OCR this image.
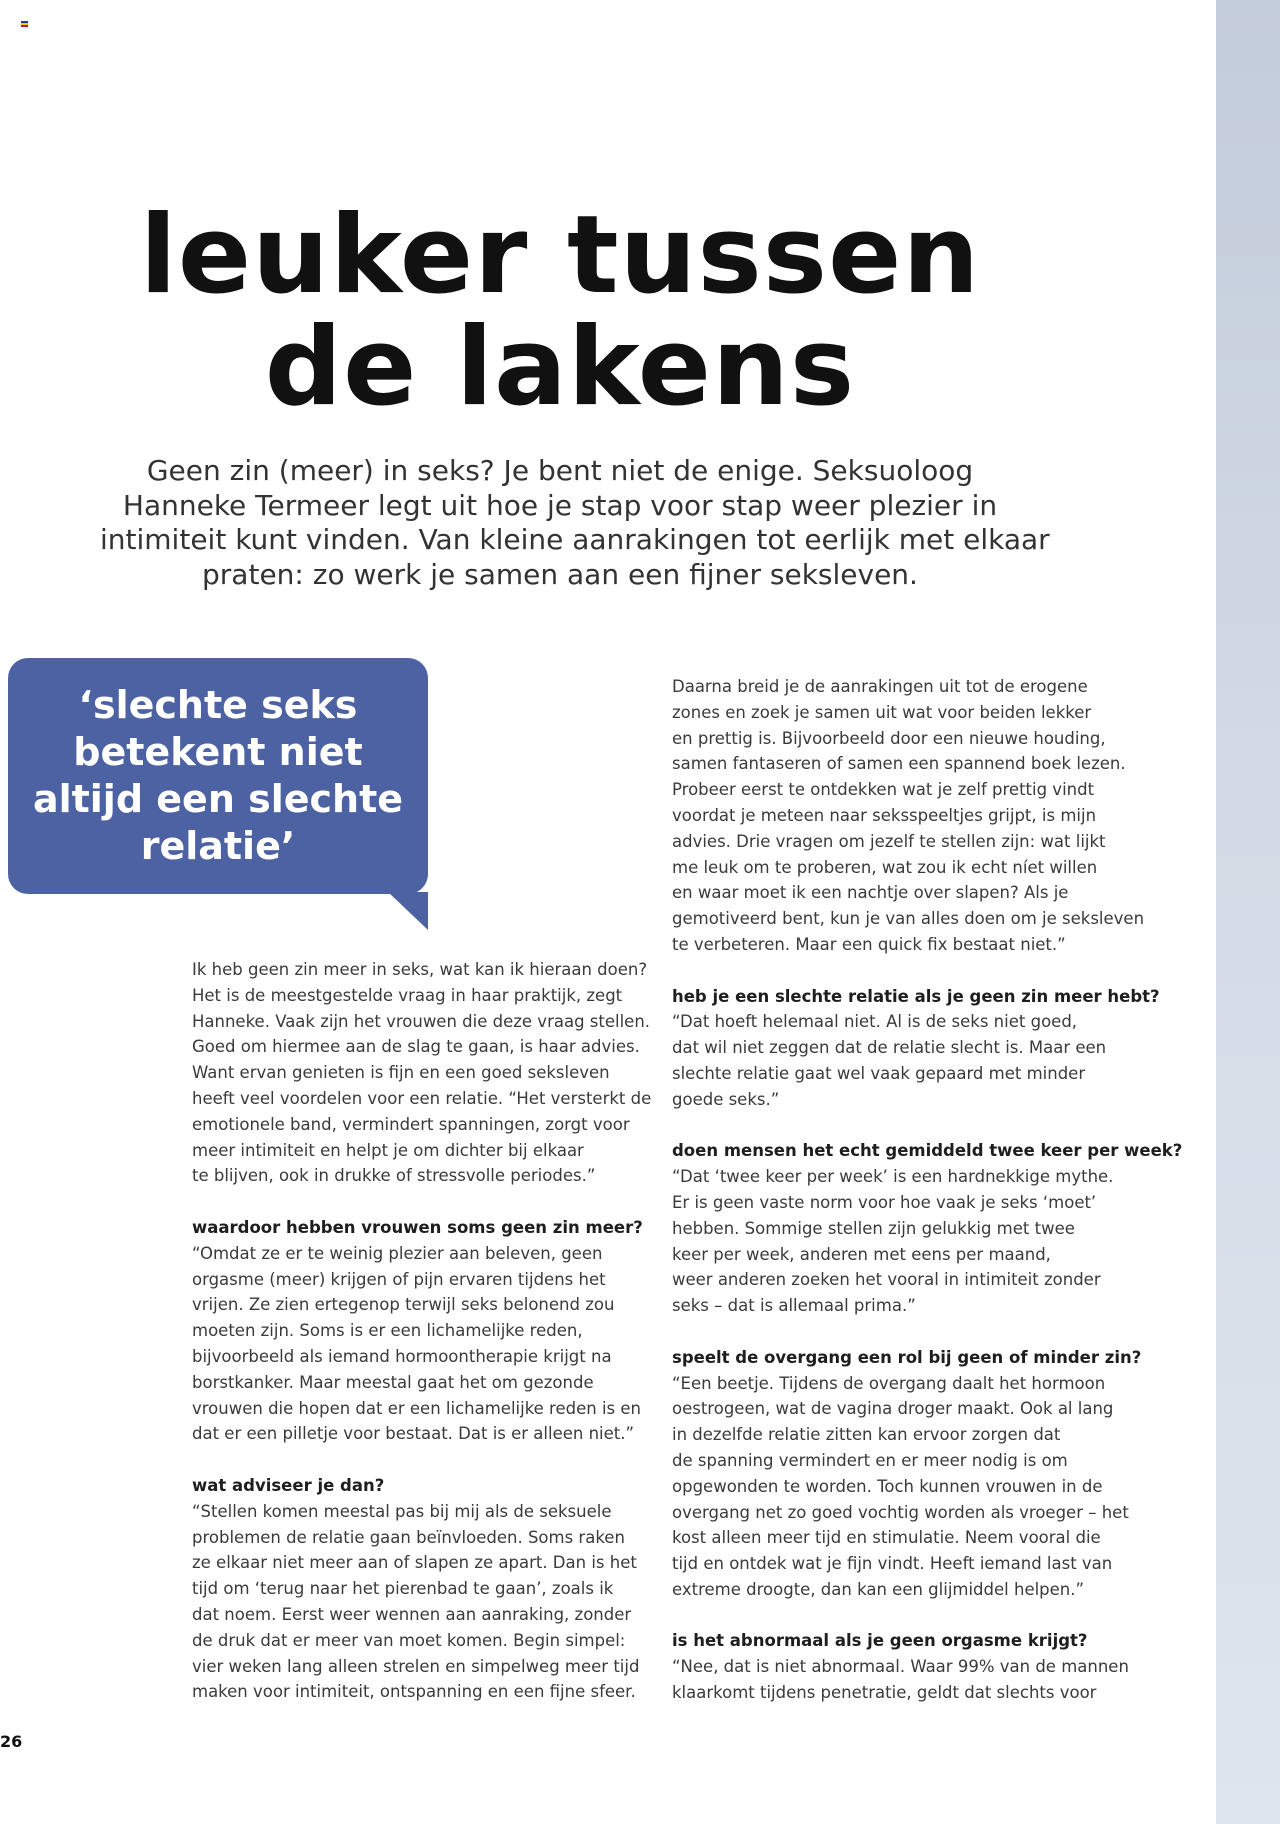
leuker tussen
de lakens
Geen zin (meer) in seks? Je bent niet de enige. Seksuoloog
Hanneke Termeer legt uit hoe je stap voor stap weer plezier in
intimiteit kunt vinden. Van kleine aanrakingen tot eerlijk met elkaar
praten: zo werk je samen aan een fijner seksleven.
‘slechte seks
betekent niet
altijd een slechte
relatie’

Ik heb geen zin meer in seks, wat kan ik hieraan doen?
Het is de meestgestelde vraag in haar praktijk, zegt
Hanneke. Vaak zijn het vrouwen die deze vraag stellen.
Goed om hiermee aan de slag te gaan, is haar advies.
Want ervan genieten is fijn en een goed seksleven
heeft veel voordelen voor een relatie. “Het versterkt de
emotionele band, vermindert spanningen, zorgt voor
meer intimiteit en helpt je om dichter bij elkaar
te blijven, ook in drukke of stressvolle periodes.”

waardoor hebben vrouwen soms geen zin meer?
“Omdat ze er te weinig plezier aan beleven, geen
orgasme (meer) krijgen of pijn ervaren tijdens het
vrijen. Ze zien ertegenop terwijl seks belonend zou
moeten zijn. Soms is er een lichamelijke reden,
bijvoorbeeld als iemand hormoontherapie krijgt na
borstkanker. Maar meestal gaat het om gezonde
vrouwen die hopen dat er een lichamelijke reden is en
dat er een pilletje voor bestaat. Dat is er alleen niet.”

wat adviseer je dan?
“Stellen komen meestal pas bij mij als de seksuele
problemen de relatie gaan beïnvloeden. Soms raken
ze elkaar niet meer aan of slapen ze apart. Dan is het
tijd om ‘terug naar het pierenbad te gaan’, zoals ik
dat noem. Eerst weer wennen aan aanraking, zonder
de druk dat er meer van moet komen. Begin simpel:
vier weken lang alleen strelen en simpelweg meer tijd
maken voor intimiteit, ontspanning en een fijne sfeer.

Daarna breid je de aanrakingen uit tot de erogene
zones en zoek je samen uit wat voor beiden lekker
en prettig is. Bijvoorbeeld door een nieuwe houding,
samen fantaseren of samen een spannend boek lezen.
Probeer eerst te ontdekken wat je zelf prettig vindt
voordat je meteen naar seksspeeltjes grijpt, is mijn
advies. Drie vragen om jezelf te stellen zijn: wat lijkt
me leuk om te proberen, wat zou ik echt níet willen
en waar moet ik een nachtje over slapen? Als je
gemotiveerd bent, kun je van alles doen om je seksleven
te verbeteren. Maar een quick fix bestaat niet.”

heb je een slechte relatie als je geen zin meer hebt?
“Dat hoeft helemaal niet. Al is de seks niet goed,
dat wil niet zeggen dat de relatie slecht is. Maar een
slechte relatie gaat wel vaak gepaard met minder
goede seks.”

doen mensen het echt gemiddeld twee keer per week?
“Dat ‘twee keer per week’ is een hardnekkige mythe.
Er is geen vaste norm voor hoe vaak je seks ‘moet’
hebben. Sommige stellen zijn gelukkig met twee
keer per week, anderen met eens per maand,
weer anderen zoeken het vooral in intimiteit zonder
seks – dat is allemaal prima.”

speelt de overgang een rol bij geen of minder zin?
“Een beetje. Tijdens de overgang daalt het hormoon
oestrogeen, wat de vagina droger maakt. Ook al lang
in dezelfde relatie zitten kan ervoor zorgen dat
de spanning vermindert en er meer nodig is om
opgewonden te worden. Toch kunnen vrouwen in de
overgang net zo goed vochtig worden als vroeger – het
kost alleen meer tijd en stimulatie. Neem vooral die
tijd en ontdek wat je fijn vindt. Heeft iemand last van
extreme droogte, dan kan een glijmiddel helpen.”

is het abnormaal als je geen orgasme krijgt?
“Nee, dat is niet abnormaal. Waar 99% van de mannen
klaarkomt tijdens penetratie, geldt dat slechts voor

26
